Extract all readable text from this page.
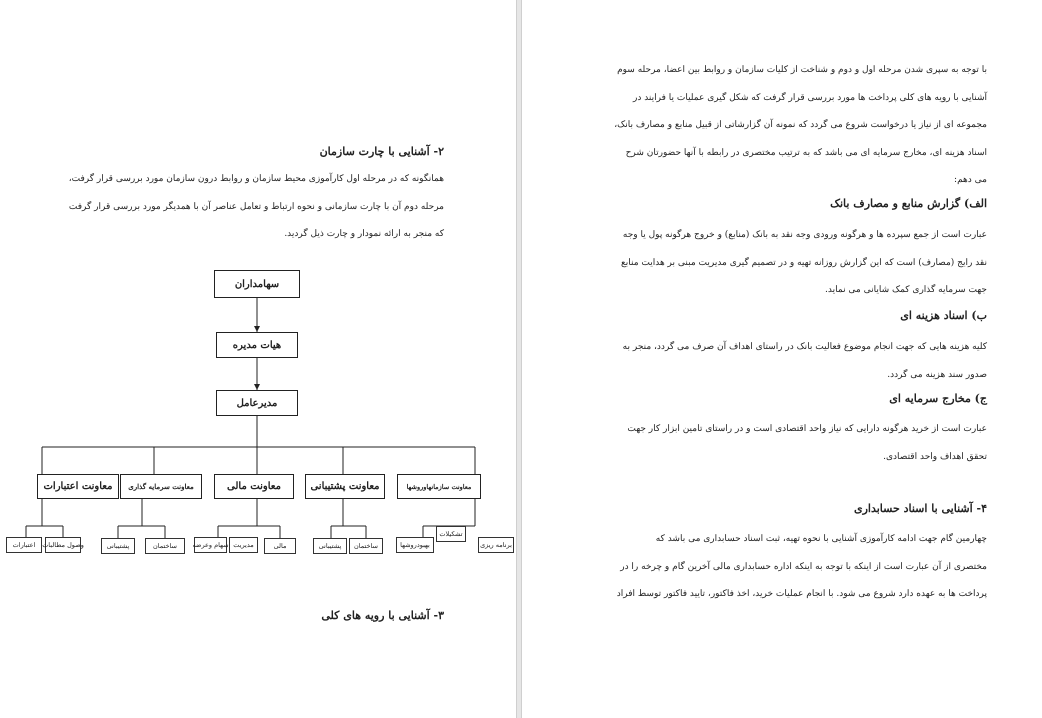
۲- آشنایی با چارت سازمان

همانگونه که در مرحله اول کارآموزی محیط سازمان و روابط درون سازمان مورد بررسی قرار گرفت،

مرحله دوم آن با چارت سازمانی و نحوه ارتباط و تعامل عناصر آن با همدیگر مورد بررسی قرار گرفت

که منجر به ارائه نمودار و چارت ذیل گردید.

سهامداران
هیات مدیره
مدیرعامل
معاونت سازمانهاوروشها
معاونت پشتیبانی
معاونت مالی
معاونت سرمایه گذاری
معاونت اعتبارات
برنامه ریزی
تشکیلات
بهبودروشها
ساختمان
پشتیبانی
مالی
مدیریت
سهام وعرضه
ساختمان
پشتیبانی
وصول مطالبات
اعتبارات
۳- آشنایی با رویه های کلی

با توجه به سپری شدن مرحله اول و دوم و شناخت از کلیات سازمان و روابط بین اعضا، مرحله سوم

آشنایی با رویه های کلی پرداخت ها مورد بررسی قرار گرفت که شکل گیری عملیات یا فرایند در

مجموعه ای از نیاز یا درخواست شروع می گردد که نمونه آن گزارشاتی از قبیل منابع و مصارف بانک،

اسناد هزینه ای، مخارج سرمایه ای می باشد که به ترتیب مختصری در رابطه با آنها حضورتان شرح

می دهم:

الف) گزارش منابع و مصارف بانک

عبارت است از جمع سپرده ها و هرگونه ورودی وجه نقد به بانک (منابع) و خروج هرگونه پول یا وجه

نقد رایج (مصارف) است که این گزارش روزانه تهیه و در تصمیم گیری مدیریت مبنی بر هدایت منابع

جهت سرمایه گذاری کمک شایانی می نماید.

ب) اسناد هزینه ای

کلیه هزینه هایی که جهت انجام موضوع فعالیت بانک در راستای اهداف آن صرف می گردد، منجر به

صدور سند هزینه می گردد.

ج) مخارج سرمایه ای

عبارت است از خرید هرگونه دارایی که نیاز واحد اقتصادی است و در راستای تامین ابزار کار جهت

تحقق اهداف واحد اقتصادی.

۴- آشنایی با اسناد حسابداری

چهارمین گام جهت ادامه کارآموزی آشنایی با نحوه تهیه، ثبت اسناد حسابداری می باشد که

مختصری از آن عبارت است از اینکه با توجه به اینکه اداره حسابداری مالی آخرین گام و چرخه را در

پرداخت ها به عهده دارد شروع می شود. با انجام عملیات خرید، اخذ فاکتور، تایید فاکتور توسط افراد
